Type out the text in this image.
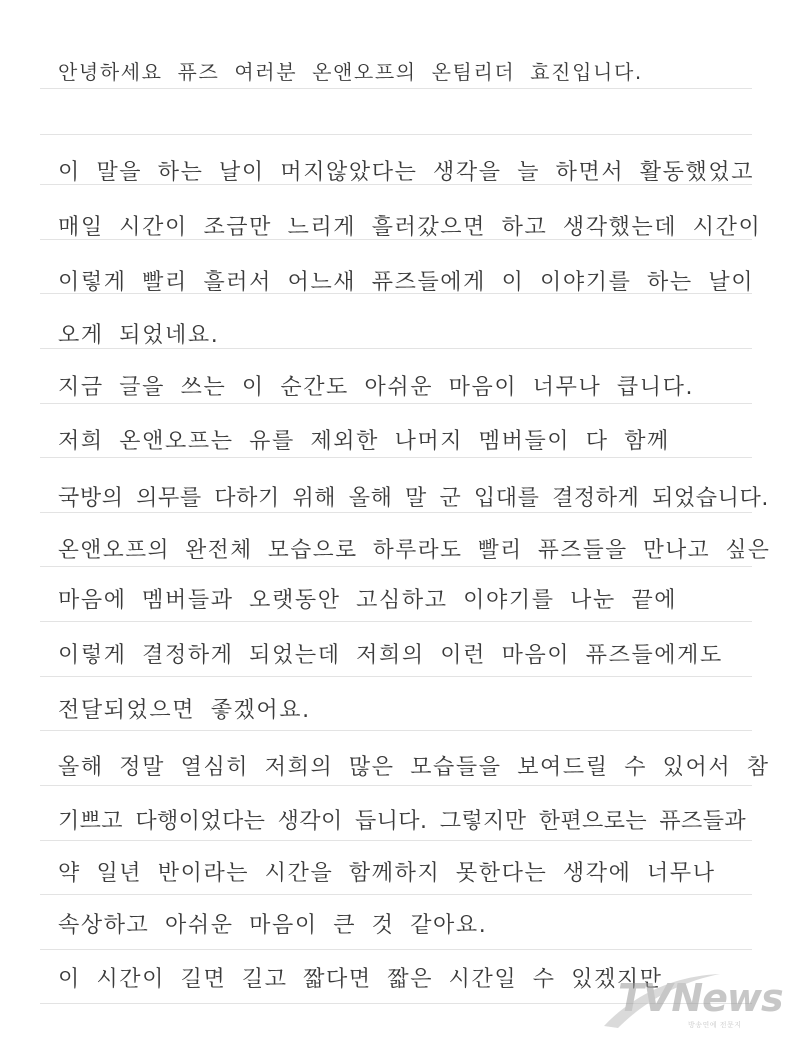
안녕하세요 퓨즈 여러분 온앤오프의 온팀리더 효진입니다.
이 말을 하는 날이 머지않았다는 생각을 늘 하면서 활동했었고
매일 시간이 조금만 느리게 흘러갔으면 하고 생각했는데 시간이
이렇게 빨리 흘러서 어느새 퓨즈들에게 이 이야기를 하는 날이
오게 되었네요.
지금 글을 쓰는 이 순간도 아쉬운 마음이 너무나 큽니다.
저희 온앤오프는 유를 제외한 나머지 멤버들이 다 함께
국방의 의무를 다하기 위해 올해 말 군 입대를 결정하게 되었습니다.
온앤오프의 완전체 모습으로 하루라도 빨리 퓨즈들을 만나고 싶은
마음에 멤버들과 오랫동안 고심하고 이야기를 나눈 끝에
이렇게 결정하게 되었는데 저희의 이런 마음이 퓨즈들에게도
전달되었으면 좋겠어요.
올해 정말 열심히 저희의 많은 모습들을 보여드릴 수 있어서 참
기쁘고 다행이었다는 생각이 듭니다. 그렇지만 한편으로는 퓨즈들과
약 일년 반이라는 시간을 함께하지 못한다는 생각에 너무나
속상하고 아쉬운 마음이 큰 것 같아요.
이 시간이 길면 길고 짧다면 짧은 시간일 수 있겠지만
TVNews
방송연예 전문지
